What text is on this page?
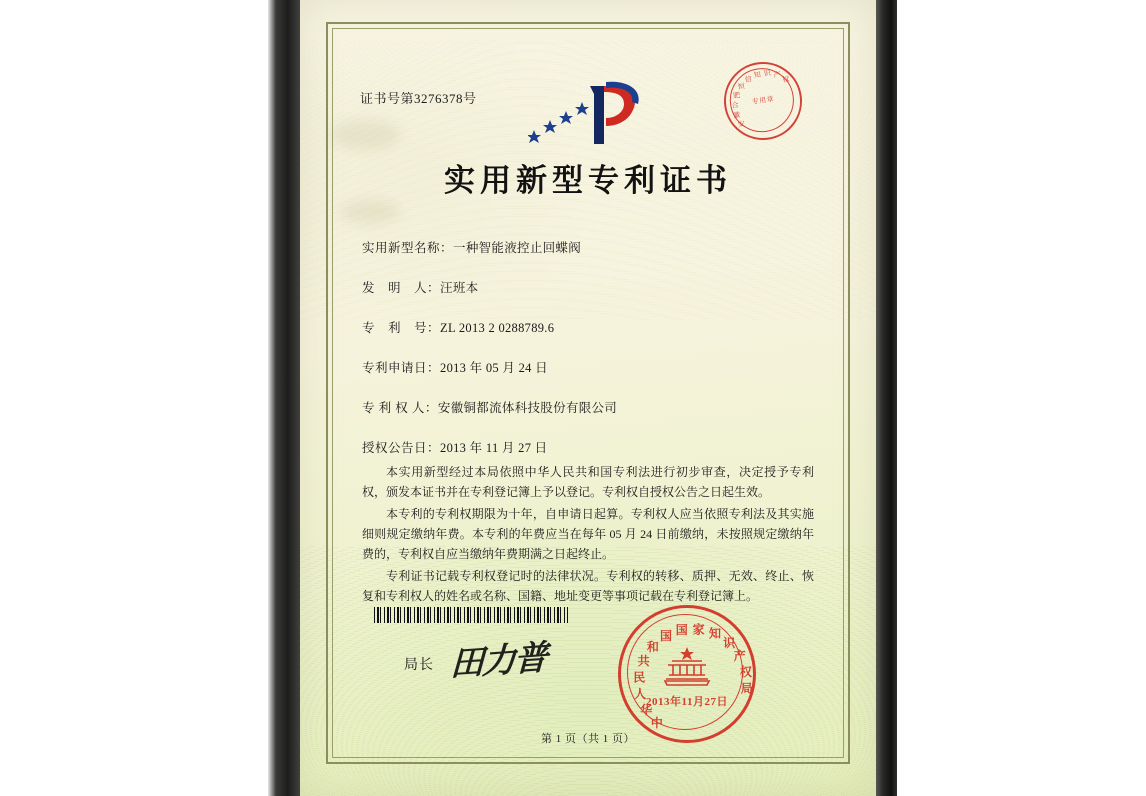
证书号第3276378号
安
徽
合
肥
恒
信
知 识 产
权
专用章
实用新型专利证书
实用新型名称：一种智能液控止回蝶阀
发　明　人：汪班本
专　利　号：ZL 2013 2 0288789.6
专利申请日：2013 年 05 月 24 日
专 利 权 人：安徽铜都流体科技股份有限公司
授权公告日：2013 年 11 月 27 日

本实用新型经过本局依照中华人民共和国专利法进行初步审查，决定授予专利权，颁发本证书并在专利登记簿上予以登记。专利权自授权公告之日起生效。

本专利的专利权期限为十年，自申请日起算。专利权人应当依照专利法及其实施细则规定缴纳年费。本专利的年费应当在每年 05 月 24 日前缴纳，未按照规定缴纳年费的，专利权自应当缴纳年费期满之日起终止。

专利证书记载专利权登记时的法律状况。专利权的转移、质押、无效、终止、恢复和专利权人的姓名或名称、国籍、地址变更等事项记载在专利登记簿上。

局长 田力普
中
华
人
民
共
和
国 国 家 知
识
产
权
局
2013年11月27日
第 1 页（共 1 页）
